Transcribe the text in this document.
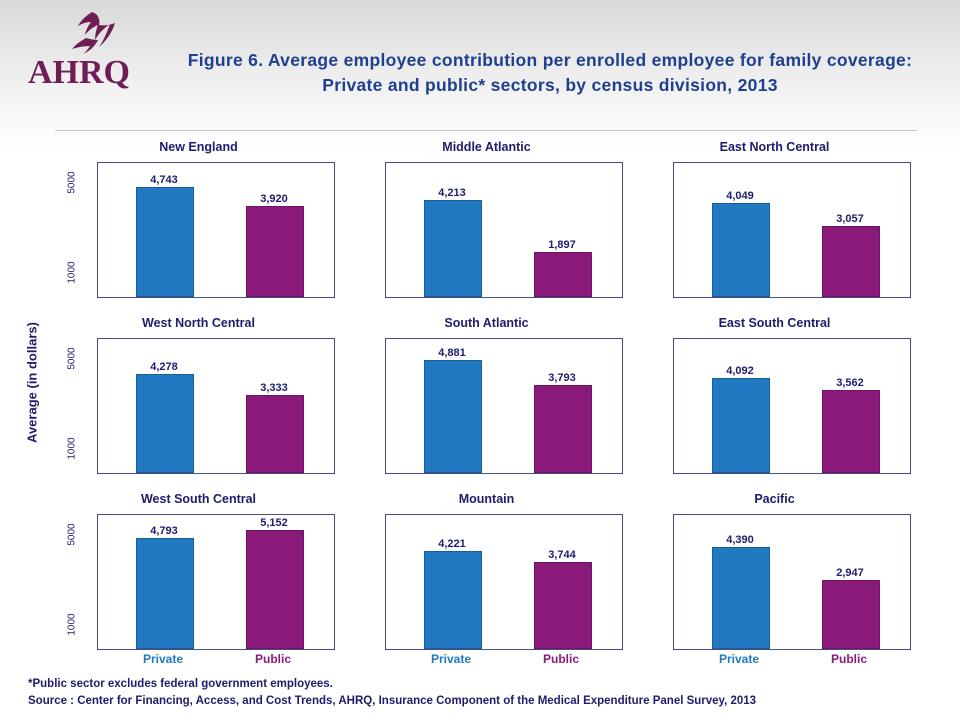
AHRQ	Figure 6. Average employee contribution per enrolled employee for family coverage: Private and public* sectors, by census division, 2013
Average (in dollars)
New England
4,743
3,920
5000
1000
Middle Atlantic
4,213
1,897
East North Central
4,049
3,057
West North Central
4,278
3,333
5000
1000
South Atlantic
4,881
3,793
East South Central
4,092
3,562
West South Central
4,793
5,152
5000
1000
Private	Public
Mountain
4,221
3,744
Private	Public
Pacific
4,390
2,947
Private	Public
*Public sector excludes federal government employees.
Source : Center for Financing, Access, and Cost Trends, AHRQ, Insurance Component of the Medical Expenditure Panel Survey, 2013
